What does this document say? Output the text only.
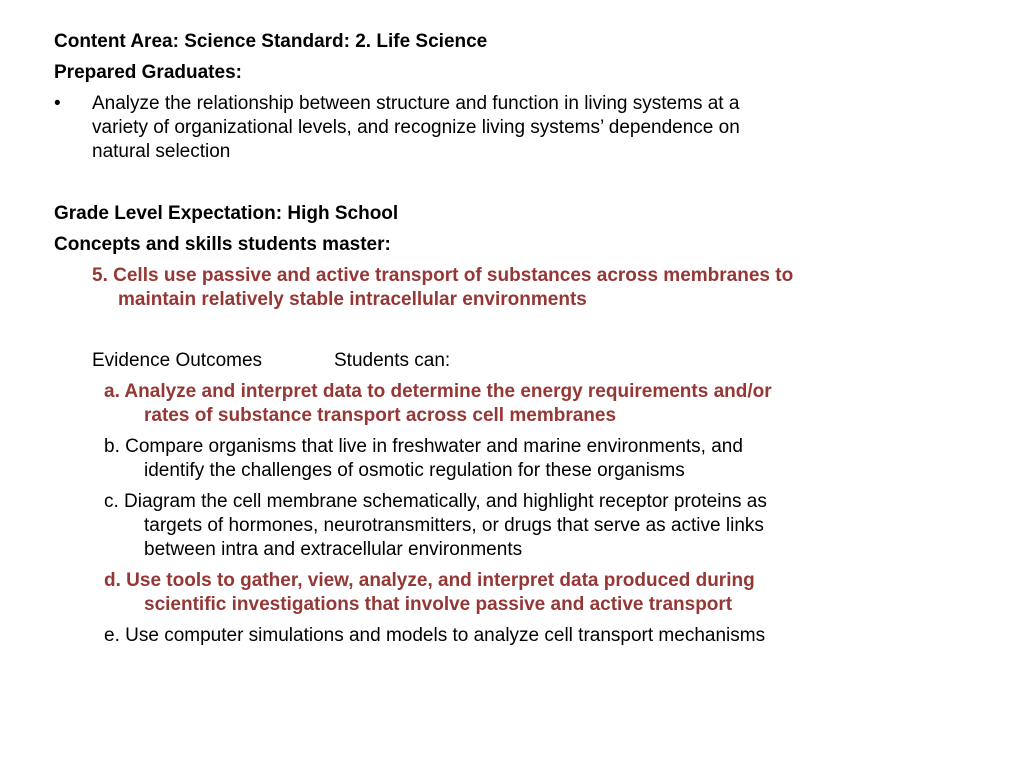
Content Area: Science Standard: 2. Life Science
Prepared Graduates:
• Analyze the relationship between structure and function in living systems at a
variety of organizational levels, and recognize living systems’ dependence on
natural selection
Grade Level Expectation: High School
Concepts and skills students master:
5. Cells use passive and active transport of substances across membranes to
maintain relatively stable intracellular environments
Evidence Outcomes	Students can:
a. Analyze and interpret data to determine the energy requirements and/or
rates of substance transport across cell membranes
b. Compare organisms that live in freshwater and marine environments, and
identify the challenges of osmotic regulation for these organisms
c. Diagram the cell membrane schematically, and highlight receptor proteins as
targets of hormones, neurotransmitters, or drugs that serve as active links
between intra and extracellular environments
d. Use tools to gather, view, analyze, and interpret data produced during
scientific investigations that involve passive and active transport
e. Use computer simulations and models to analyze cell transport mechanisms
